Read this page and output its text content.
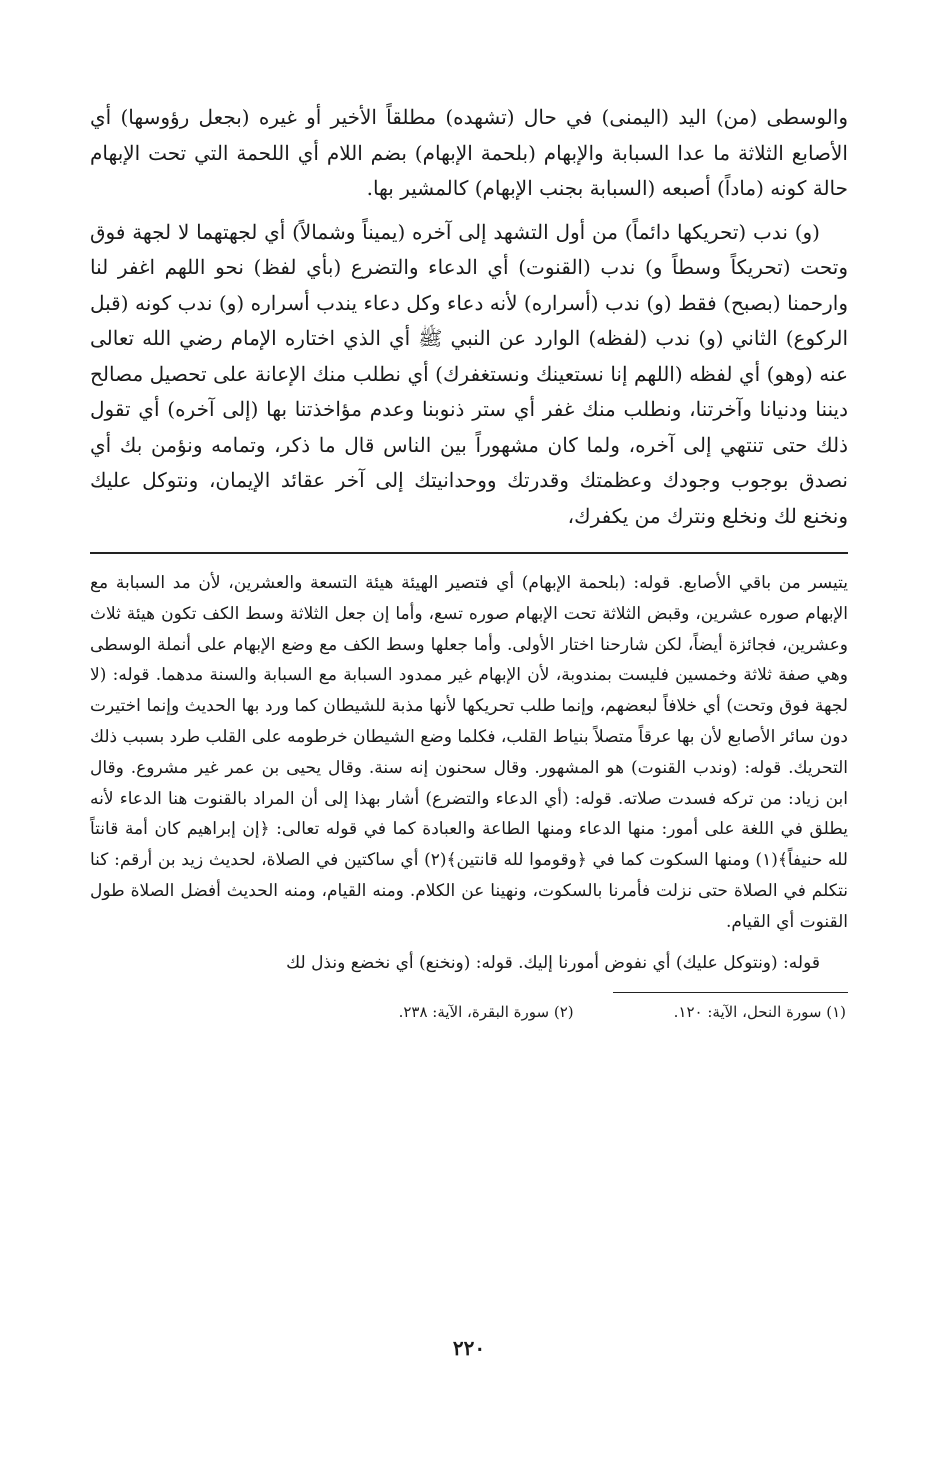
والوسطى (من) اليد (اليمنى) في حال (تشهده) مطلقاً الأخير أو غيره (بجعل رؤوسها) أي الأصابع الثلاثة ما عدا السبابة والإبهام (بلحمة الإبهام) بضم اللام أي اللحمة التي تحت الإبهام حالة كونه (ماداً) أصبعه (السبابة بجنب الإبهام) كالمشير بها.

(و) ندب (تحريكها دائماً) من أول التشهد إلى آخره (يميناً وشمالاً) أي لجهتهما لا لجهة فوق وتحت (تحريكاً وسطاً و) ندب (القنوت) أي الدعاء والتضرع (بأي لفظ) نحو اللهم اغفر لنا وارحمنا (بصبح) فقط (و) ندب (أسراره) لأنه دعاء وكل دعاء يندب أسراره (و) ندب كونه (قبل الركوع) الثاني (و) ندب (لفظه) الوارد عن النبي ﷺ أي الذي اختاره الإمام رضي الله تعالى عنه (وهو) أي لفظه (اللهم إنا نستعينك ونستغفرك) أي نطلب منك الإعانة على تحصيل مصالح ديننا ودنيانا وآخرتنا، ونطلب منك غفر أي ستر ذنوبنا وعدم مؤاخذتنا بها (إلى آخره) أي تقول ذلك حتى تنتهي إلى آخره، ولما كان مشهوراً بين الناس قال ما ذكر، وتمامه ونؤمن بك أي نصدق بوجوب وجودك وعظمتك وقدرتك ووحدانيتك إلى آخر عقائد الإيمان، ونتوكل عليك ونخنع لك ونخلع ونترك من يكفرك،

يتيسر من باقي الأصابع. قوله: (بلحمة الإبهام) أي فتصير الهيئة هيئة التسعة والعشرين، لأن مد السبابة مع الإبهام صوره عشرين، وقبض الثلاثة تحت الإبهام صوره تسع، وأما إن جعل الثلاثة وسط الكف تكون هيئة ثلاث وعشرين، فجائزة أيضاً، لكن شارحنا اختار الأولى. وأما جعلها وسط الكف مع وضع الإبهام على أنملة الوسطى وهي صفة ثلاثة وخمسين فليست بمندوبة، لأن الإبهام غير ممدود السبابة مع السبابة والسنة مدهما. قوله: (لا لجهة فوق وتحت) أي خلافاً لبعضهم، وإنما طلب تحريكها لأنها مذبة للشيطان كما ورد بها الحديث وإنما اختيرت دون سائر الأصابع لأن بها عرقاً متصلاً بنياط القلب، فكلما وضع الشيطان خرطومه على القلب طرد بسبب ذلك التحريك. قوله: (وندب القنوت) هو المشهور. وقال سحنون إنه سنة. وقال يحيى بن عمر غير مشروع. وقال ابن زياد: من تركه فسدت صلاته. قوله: (أي الدعاء والتضرع) أشار بهذا إلى أن المراد بالقنوت هنا الدعاء لأنه يطلق في اللغة على أمور: منها الدعاء ومنها الطاعة والعبادة كما في قوله تعالى: ﴿إن إبراهيم كان أمة قانتاً لله حنيفاً﴾(١) ومنها السكوت كما في ﴿وقوموا لله قانتين﴾(٢) أي ساكتين في الصلاة، لحديث زيد بن أرقم: كنا نتكلم في الصلاة حتى نزلت فأمرنا بالسكوت، ونهينا عن الكلام. ومنه القيام، ومنه الحديث أفضل الصلاة طول القنوت أي القيام.

قوله: (ونتوكل عليك) أي نفوض أمورنا إليك. قوله: (ونخنع) أي نخضع ونذل لك

(١) سورة النحل، الآية: ١٢٠.
(٢) سورة البقرة، الآية: ٢٣٨.
٢٢٠
